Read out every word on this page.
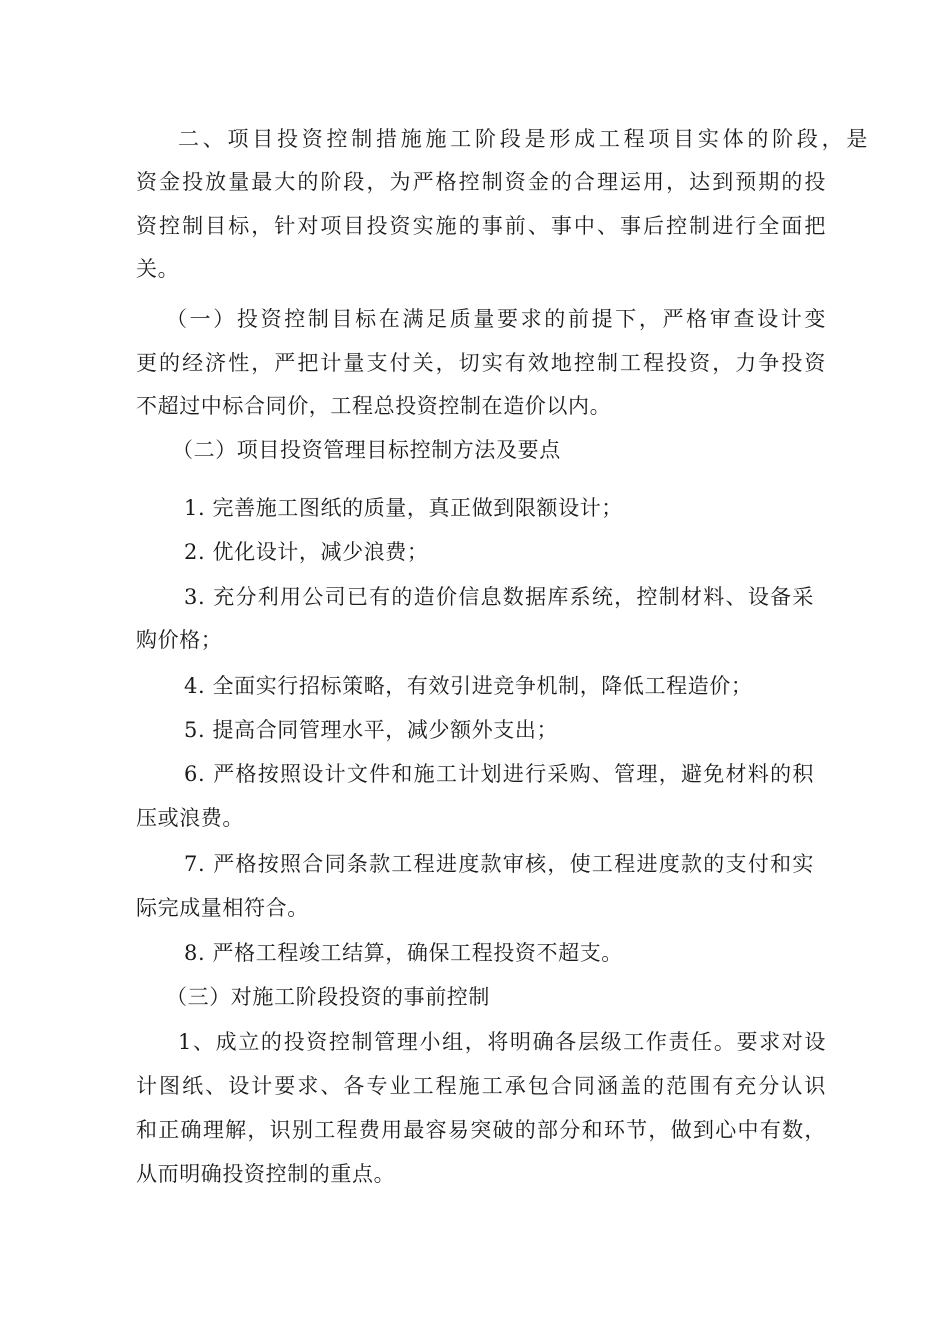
二、项目投资控制措施施工阶段是形成工程项目实体的阶段，是
资金投放量最大的阶段，为严格控制资金的合理运用，达到预期的投
资控制目标，针对项目投资实施的事前、事中、事后控制进行全面把
关。
（一）投资控制目标在满足质量要求的前提下，严格审查设计变
更的经济性，严把计量支付关，切实有效地控制工程投资，力争投资
不超过中标合同价，工程总投资控制在造价以内。
（二）项目投资管理目标控制方法及要点
1. 完善施工图纸的质量，真正做到限额设计；
2. 优化设计，减少浪费；
3. 充分利用公司已有的造价信息数据库系统，控制材料、设备采
购价格；
4. 全面实行招标策略，有效引进竞争机制，降低工程造价；
5. 提高合同管理水平，减少额外支出；
6. 严格按照设计文件和施工计划进行采购、管理，避免材料的积
压或浪费。
7. 严格按照合同条款工程进度款审核，使工程进度款的支付和实
际完成量相符合。
8. 严格工程竣工结算，确保工程投资不超支。
（三）对施工阶段投资的事前控制
1、成立的投资控制管理小组，将明确各层级工作责任。要求对设
计图纸、设计要求、各专业工程施工承包合同涵盖的范围有充分认识
和正确理解，识别工程费用最容易突破的部分和环节，做到心中有数，
从而明确投资控制的重点。
